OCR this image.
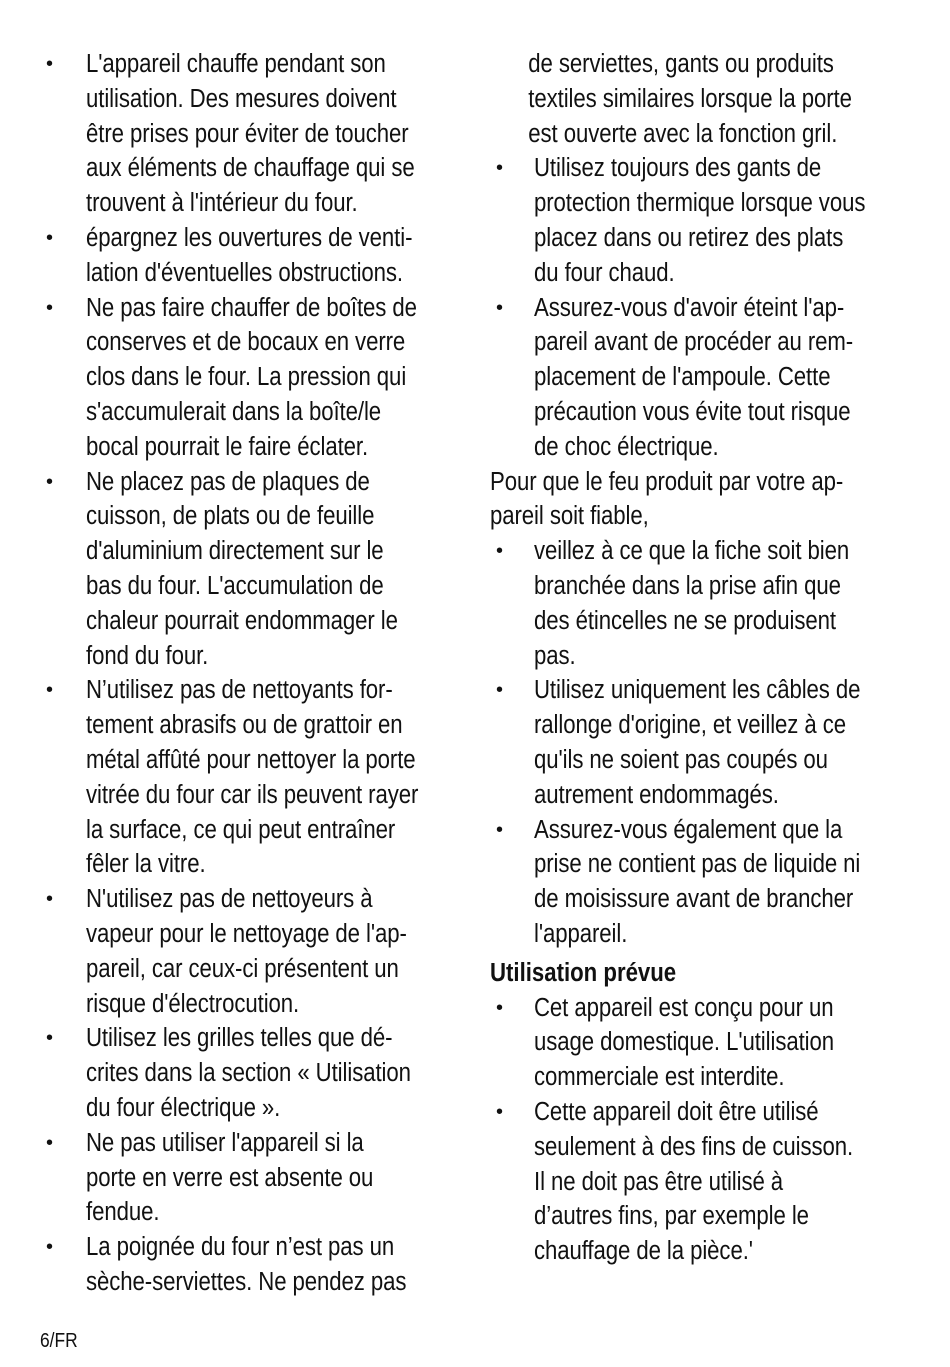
• L'appareil chauffe pendant son
utilisation. Des mesures doivent
être prises pour éviter de toucher
aux éléments de chauffage qui se
trouvent à l'intérieur du four.
• épargnez les ouvertures de venti-
lation d'éventuelles obstructions.
• Ne pas faire chauffer de boîtes de
conserves et de bocaux en verre
clos dans le four. La pression qui
s'accumulerait dans la boîte/le
bocal pourrait le faire éclater.
• Ne placez pas de plaques de
cuisson, de plats ou de feuille
d'aluminium directement sur le
bas du four. L'accumulation de
chaleur pourrait endommager le
fond du four.
• N’utilisez pas de nettoyants for-
tement abrasifs ou de grattoir en
métal affûté pour nettoyer la porte
vitrée du four car ils peuvent rayer
la surface, ce qui peut entraîner
fêler la vitre.
• N'utilisez pas de nettoyeurs à
vapeur pour le nettoyage de l'ap-
pareil, car ceux-ci présentent un
risque d'électrocution.
• Utilisez les grilles telles que dé-
crites dans la section « Utilisation
du four électrique ».
• Ne pas utiliser l'appareil si la
porte en verre est absente ou
fendue.
• La poignée du four n’est pas un
sèche-serviettes. Ne pendez pas
de serviettes, gants ou produits
textiles similaires lorsque la porte
est ouverte avec la fonction gril.
• Utilisez toujours des gants de
protection thermique lorsque vous
placez dans ou retirez des plats
du four chaud.
• Assurez-vous d'avoir éteint l'ap-
pareil avant de procéder au rem-
placement de l'ampoule. Cette
précaution vous évite tout risque
de choc électrique.
Pour que le feu produit par votre ap-
pareil soit fiable,
• veillez à ce que la fiche soit bien
branchée dans la prise afin que
des étincelles ne se produisent
pas.
• Utilisez uniquement les câbles de
rallonge d'origine, et veillez à ce
qu'ils ne soient pas coupés ou
autrement endommagés.
• Assurez-vous également que la
prise ne contient pas de liquide ni
de moisissure avant de brancher
l'appareil.
Utilisation prévue
• Cet appareil est conçu pour un
usage domestique. L'utilisation
commerciale est interdite.
• Cette appareil doit être utilisé
seulement à des fins de cuisson.
Il ne doit pas être utilisé à
d’autres fins, par exemple le
chauffage de la pièce.'
6/FR
